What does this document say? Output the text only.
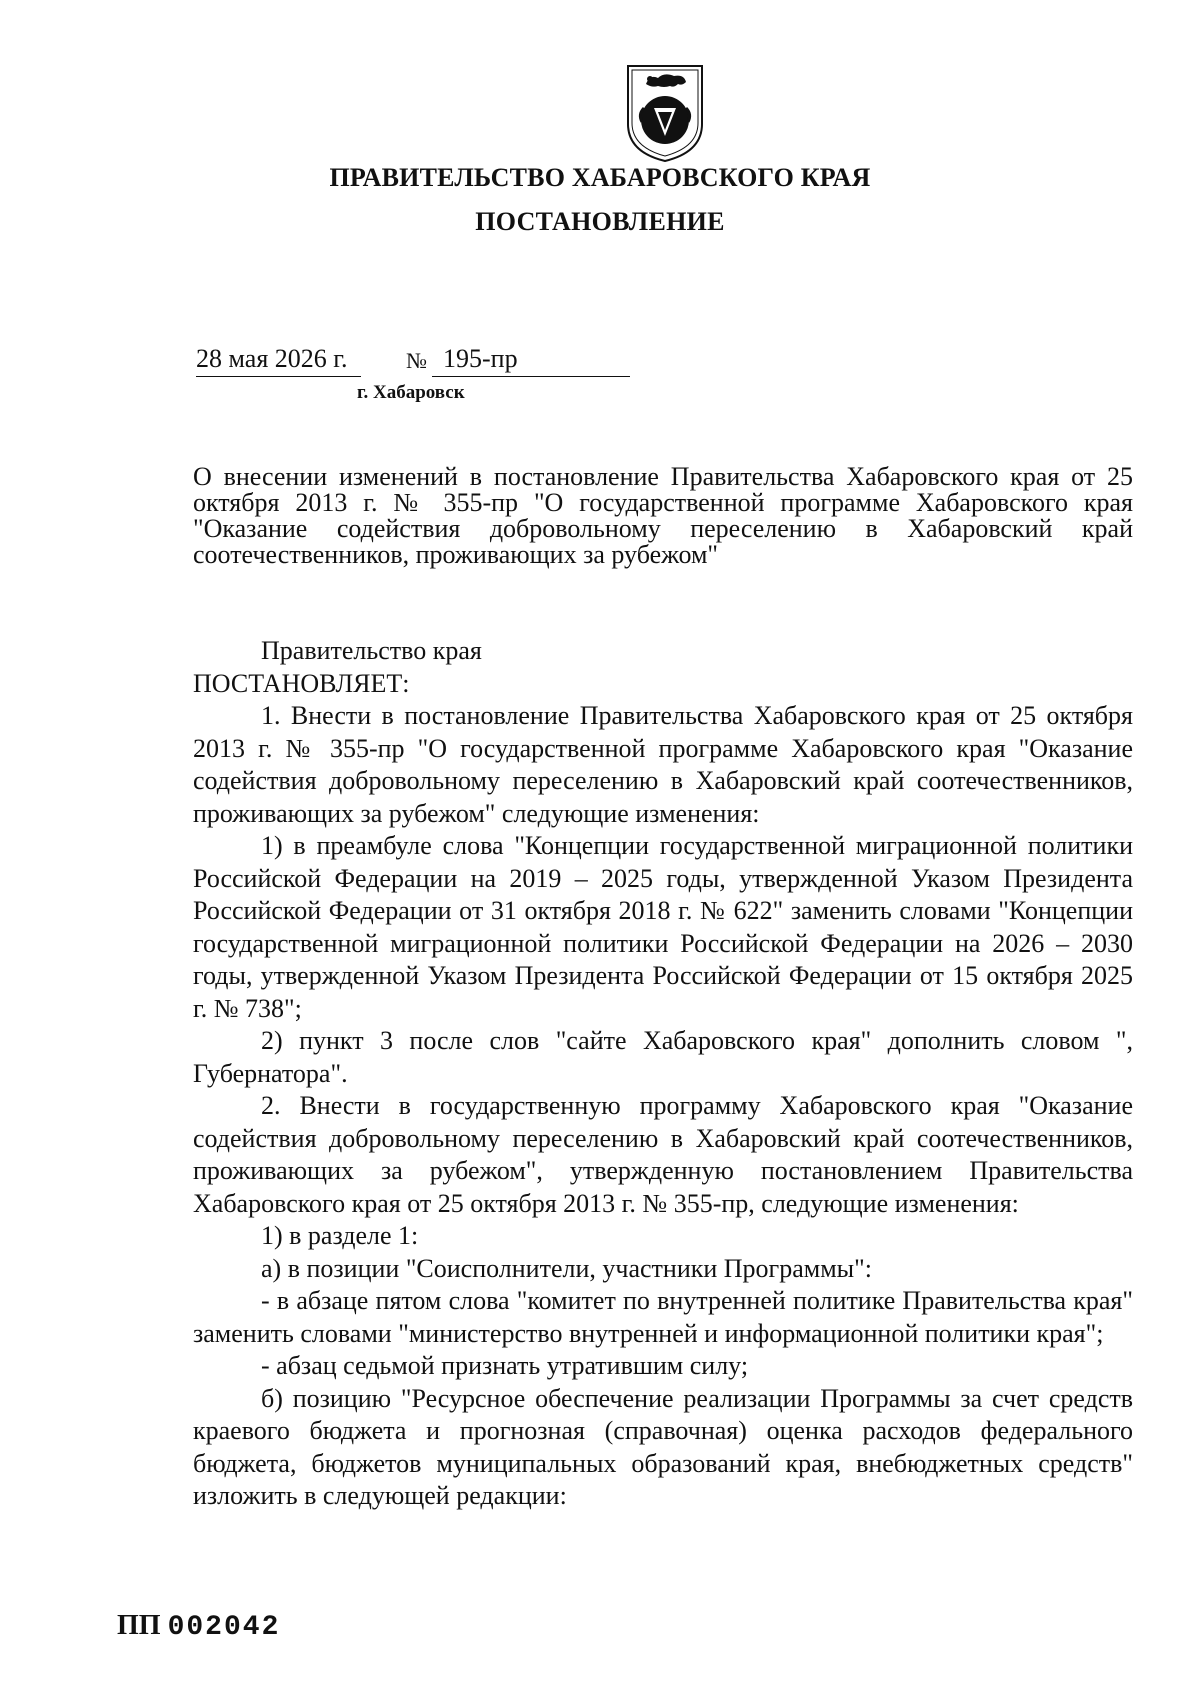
ПРАВИТЕЛЬСТВО ХАБАРОВСКОГО КРАЯ
ПОСТАНОВЛЕНИЕ
28 мая 2026 г.	№ 195-пр
г. Хабаровск
О внесении изменений в постановление Правительства Хабаровского края от 25 октября 2013 г. № 355-пр "О государственной программе Хабаровского края "Оказание содействия добровольному переселению в Хабаровский край соотечественников, проживающих за рубежом"

Правительство края

ПОСТАНОВЛЯЕТ:

1. Внести в постановление Правительства Хабаровского края от 25 октября 2013 г. № 355-пр "О государственной программе Хабаровского края "Оказание содействия добровольному переселению в Хабаровский край соотечественников, проживающих за рубежом" следующие изменения:

1) в преамбуле слова "Концепции государственной миграционной политики Российской Федерации на 2019 – 2025 годы, утвержденной Указом Президента Российской Федерации от 31 октября 2018 г. № 622" заменить словами "Концепции государственной миграционной политики Российской Федерации на 2026 – 2030 годы, утвержденной Указом Президента Российской Федерации от 15 октября 2025 г. № 738";

2) пункт 3 после слов "сайте Хабаровского края" дополнить словом ", Губернатора".

2. Внести в государственную программу Хабаровского края "Оказание содействия добровольному переселению в Хабаровский край соотечественников, проживающих за рубежом", утвержденную постановлением Правительства Хабаровского края от 25 октября 2013 г. № 355-пр, следующие изменения:

1) в разделе 1:

а) в позиции "Соисполнители, участники Программы":

- в абзаце пятом слова "комитет по внутренней политике Правительства края" заменить словами "министерство внутренней и информационной политики края";

- абзац седьмой признать утратившим силу;

б) позицию "Ресурсное обеспечение реализации Программы за счет средств краевого бюджета и прогнозная (справочная) оценка расходов федерального бюджета, бюджетов муниципальных образований края, внебюджетных средств" изложить в следующей редакции:

ПП 002042
